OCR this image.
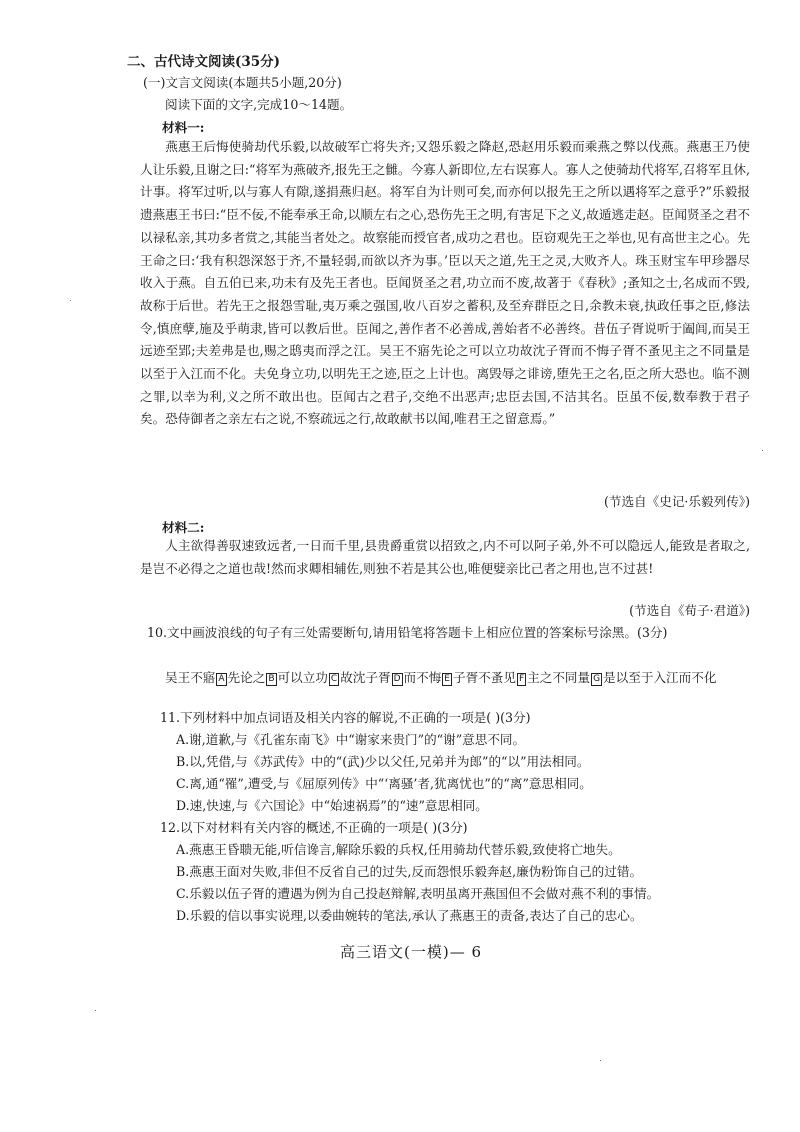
二、古代诗文阅读(35分)
(一)文言文阅读(本题共5小题,20分)
阅读下面的文字,完成10～14题。
材料一:
燕惠王后悔使骑劫代乐毅,以故破军亡将失齐;又怨乐毅之降赵,恐赵用乐毅而乘燕之弊以伐燕。燕惠王乃使人让乐毅,且谢之曰:“将军为燕破齐,报先王之雠。今寡人新即位,左右误寡人。寡人之使骑劫代将军,召将军且休,计事。将军过听,以与寡人有隙,遂捐燕归赵。将军自为计则可矣,而亦何以报先王之所以遇将军之意乎?”乐毅报遗燕惠王书曰:“臣不佞,不能奉承王命,以顺左右之心,恐伤先王之明,有害足下之义,故遁逃走赵。臣闻贤圣之君不以禄私亲,其功多者赏之,其能当者处之。故察能而授官者,成功之君也。臣窃观先王之举也,见有高世主之心。先王命之曰:‘我有积怨深怒于齐,不量轻弱,而欲以齐为事。’臣以天之道,先王之灵,大败齐人。珠玉财宝车甲珍器尽收入于燕。自五伯已来,功未有及先王者也。臣闻贤圣之君,功立而不废,故著于《春秋》;蚤知之士,名成而不毁,故称于后世。若先王之报怨雪耻,夷万乘之强国,收八百岁之蓄积,及至弃群臣之日,余教未衰,执政任事之臣,修法令,慎庶孽,施及乎萌隶,皆可以教后世。臣闻之,善作者不必善成,善始者不必善终。昔伍子胥说听于阖闾,而吴王远迹至郢;夫差弗是也,赐之鸱夷而浮之江。吴王不寤先论之可以立功故沈子胥而不悔子胥不蚤见主之不同量是以至于入江而不化。夫免身立功,以明先王之迹,臣之上计也。离毁辱之诽谤,堕先王之名,臣之所大恐也。临不测之罪,以幸为利,义之所不敢出也。臣闻古之君子,交绝不出恶声;忠臣去国,不洁其名。臣虽不佞,数奉教于君子矣。恐侍御者之亲左右之说,不察疏远之行,故敢献书以闻,唯君王之留意焉。”
(节选自《史记·乐毅列传》)
材料二:
人主欲得善驭速致远者,一日而千里,县贵爵重赏以招致之,内不可以阿子弟,外不可以隐远人,能致是者取之,是岂不必得之之道也哉!然而求卿相辅佐,则独不若是其公也,唯便嬖亲比己者之用也,岂不过甚!
(节选自《荀子·君道》)
10.文中画波浪线的句子有三处需要断句,请用铅笔将答题卡上相应位置的答案标号涂黑。(3分)
吴王不寤 A 先论之 B 可以立功 C 故沈子胥 D 而不悔 E 子胥不蚤见 F 主之不同量 G 是以至于入江而不化
11.下列材料中加点词语及相关内容的解说,不正确的一项是( )(3分)
A.谢,道歉,与《孔雀东南飞》中“谢家来贵门”的“谢”意思不同。
B.以,凭借,与《苏武传》中的“(武)少以父任,兄弟并为郎”的“以”用法相同。
C.离,通“罹”,遭受,与《屈原列传》中“‘离骚’者,犹离忧也”的“离”意思相同。
D.速,快速,与《六国论》中“始速祸焉”的“速”意思相同。
12.以下对材料有关内容的概述,不正确的一项是( )(3分)
A.燕惠王昏聩无能,听信谗言,解除乐毅的兵权,任用骑劫代替乐毅,致使将亡地失。
B.燕惠王面对失败,非但不反省自己的过失,反而怨恨乐毅奔赵,廉伪粉饰自己的过错。
C.乐毅以伍子胥的遭遇为例为自己投赵辩解,表明虽离开燕国但不会做对燕不利的事情。
D.乐毅的信以事实说理,以委曲婉转的笔法,承认了燕惠王的责备,表达了自己的忠心。
高三语文(一模)— 6
